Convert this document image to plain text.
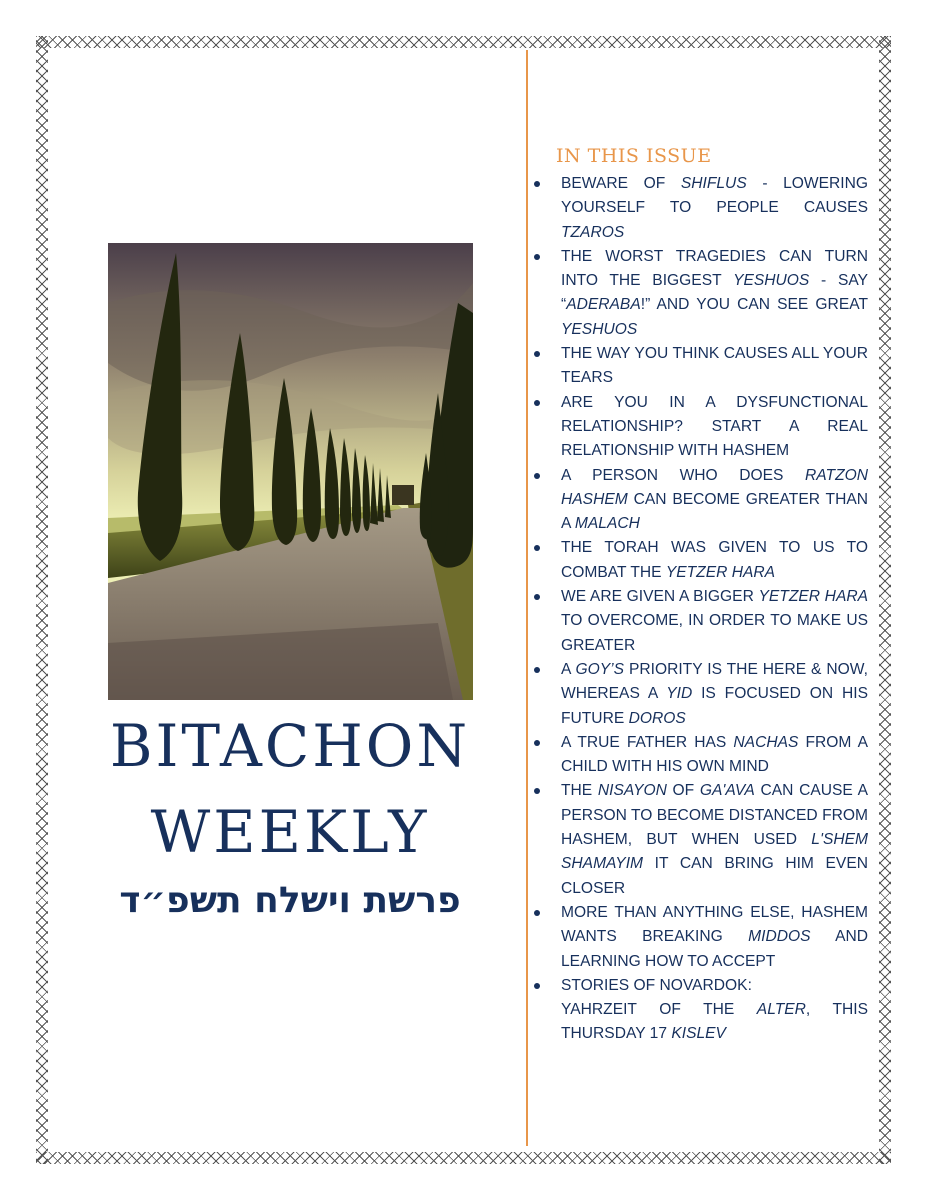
BITACHON
WEEKLY
פרשת וישלח תשפ״ד
IN THIS ISSUE
BEWARE OF SHIFLUS - LOWERING YOURSELF TO PEOPLE CAUSES TZAROS
THE WORST TRAGEDIES CAN TURN INTO THE BIGGEST YESHUOS - SAY “ADERABA!” AND YOU CAN SEE GREAT YESHUOS
THE WAY YOU THINK CAUSES ALL YOUR TEARS
ARE YOU IN A DYSFUNCTIONAL RELATIONSHIP? START A REAL RELATIONSHIP WITH HASHEM
A PERSON WHO DOES RATZON HASHEM CAN BECOME GREATER THAN A MALACH
THE TORAH WAS GIVEN TO US TO COMBAT THE YETZER HARA
WE ARE GIVEN A BIGGER YETZER HARA TO OVERCOME, IN ORDER TO MAKE US GREATER
A GOY’S PRIORITY IS THE HERE & NOW, WHEREAS A YID IS FOCUSED ON HIS FUTURE DOROS
A TRUE FATHER HAS NACHAS FROM A CHILD WITH HIS OWN MIND
THE NISAYON OF GA'AVA CAN CAUSE A PERSON TO BECOME DISTANCED FROM HASHEM, BUT WHEN USED L'SHEM SHAMAYIM IT CAN BRING HIM EVEN CLOSER
MORE THAN ANYTHING ELSE, HASHEM WANTS BREAKING MIDDOS AND LEARNING HOW TO ACCEPT
STORIES OF NOVARDOK:
YAHRZEIT OF THE ALTER, THIS THURSDAY 17 KISLEV
